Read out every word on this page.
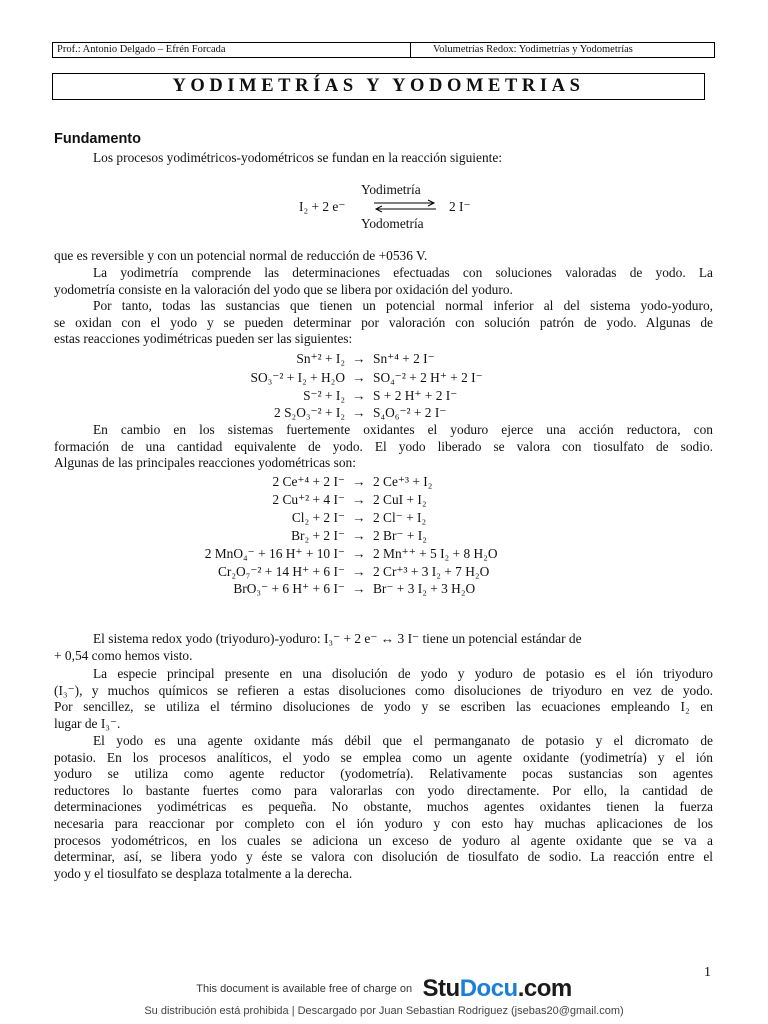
Prof.: Antonio Delgado – Efrén Forcada	Volumetrías Redox: Yodimetrías y Yodometrías
YODIMETRÍAS Y YODOMETRIAS
Fundamento
Los procesos yodimétricos-yodométricos se fundan en la reacción siguiente:
Yodimetría
I₂ + 2 e⁻	2 I⁻
Yodometría
que es reversible y con un potencial normal de reducción de +0536 V.
La yodimetría comprende las determinaciones efectuadas con soluciones valoradas de yodo. La
yodometría consiste en la valoración del yodo que se libera por oxidación del yoduro.
Por tanto, todas las sustancias que tienen un potencial normal inferior al del sistema yodo-yoduro,
se oxidan con el yodo y se pueden determinar por valoración con solución patrón de yodo. Algunas de
estas reacciones yodimétricas pueden ser las siguientes:
Sn⁺² + I₂ → Sn⁺⁴ + 2 I⁻
SO₃⁻² + I₂ + H₂O → SO₄⁻² + 2 H⁺ + 2 I⁻
S⁻² + I₂ → S + 2 H⁺ + 2 I⁻
2 S₂O₃⁻² + I₂ → S₄O₆⁻² + 2 I⁻
En cambio en los sistemas fuertemente oxidantes el yoduro ejerce una acción reductora, con
formación de una cantidad equivalente de yodo. El yodo liberado se valora con tiosulfato de sodio.
Algunas de las principales reacciones yodométricas son:
2 Ce⁺⁴ + 2 I⁻ → 2 Ce⁺³ + I₂
2 Cu⁺² + 4 I⁻ → 2 CuI + I₂
Cl₂ + 2 I⁻ → 2 Cl⁻ + I₂
Br₂ + 2 I⁻ → 2 Br⁻ + I₂
2 MnO₄⁻ + 16 H⁺ + 10 I⁻ → 2 Mn⁺⁺ + 5 I₂ + 8 H₂O
Cr₂O₇⁻² + 14 H⁺ + 6 I⁻ → 2 Cr⁺³ + 3 I₂ + 7 H₂O
BrO₃⁻ + 6 H⁺ + 6 I⁻ → Br⁻ + 3 I₂ + 3 H₂O
El sistema redox yodo (triyoduro)-yoduro: I₃⁻ + 2 e⁻ ↔ 3 I⁻ tiene un potencial estándar de
+ 0,54 como hemos visto.
La especie principal presente en una disolución de yodo y yoduro de potasio es el ión triyoduro
(I₃⁻), y muchos químicos se refieren a estas disoluciones como disoluciones de triyoduro en vez de yodo.
Por sencillez, se utiliza el término disoluciones de yodo y se escriben las ecuaciones empleando I₂ en
lugar de I₃⁻.
El yodo es una agente oxidante más débil que el permanganato de potasio y el dicromato de
potasio. En los procesos analíticos, el yodo se emplea como un agente oxidante (yodimetría) y el ión
yoduro se utiliza como agente reductor (yodometría). Relativamente pocas sustancias son agentes
reductores lo bastante fuertes como para valorarlas con yodo directamente. Por ello, la cantidad de
determinaciones yodimétricas es pequeña. No obstante, muchos agentes oxidantes tienen la fuerza
necesaria para reaccionar por completo con el ión yoduro y con esto hay muchas aplicaciones de los
procesos yodométricos, en los cuales se adiciona un exceso de yoduro al agente oxidante que se va a
determinar, así, se libera yodo y éste se valora con disolución de tiosulfato de sodio. La reacción entre el
yodo y el tiosulfato se desplaza totalmente a la derecha.
1
This document is available free of charge on StuDocu.com
Su distribución está prohibida | Descargado por Juan Sebastian Rodriguez (jsebas20@gmail.com)
